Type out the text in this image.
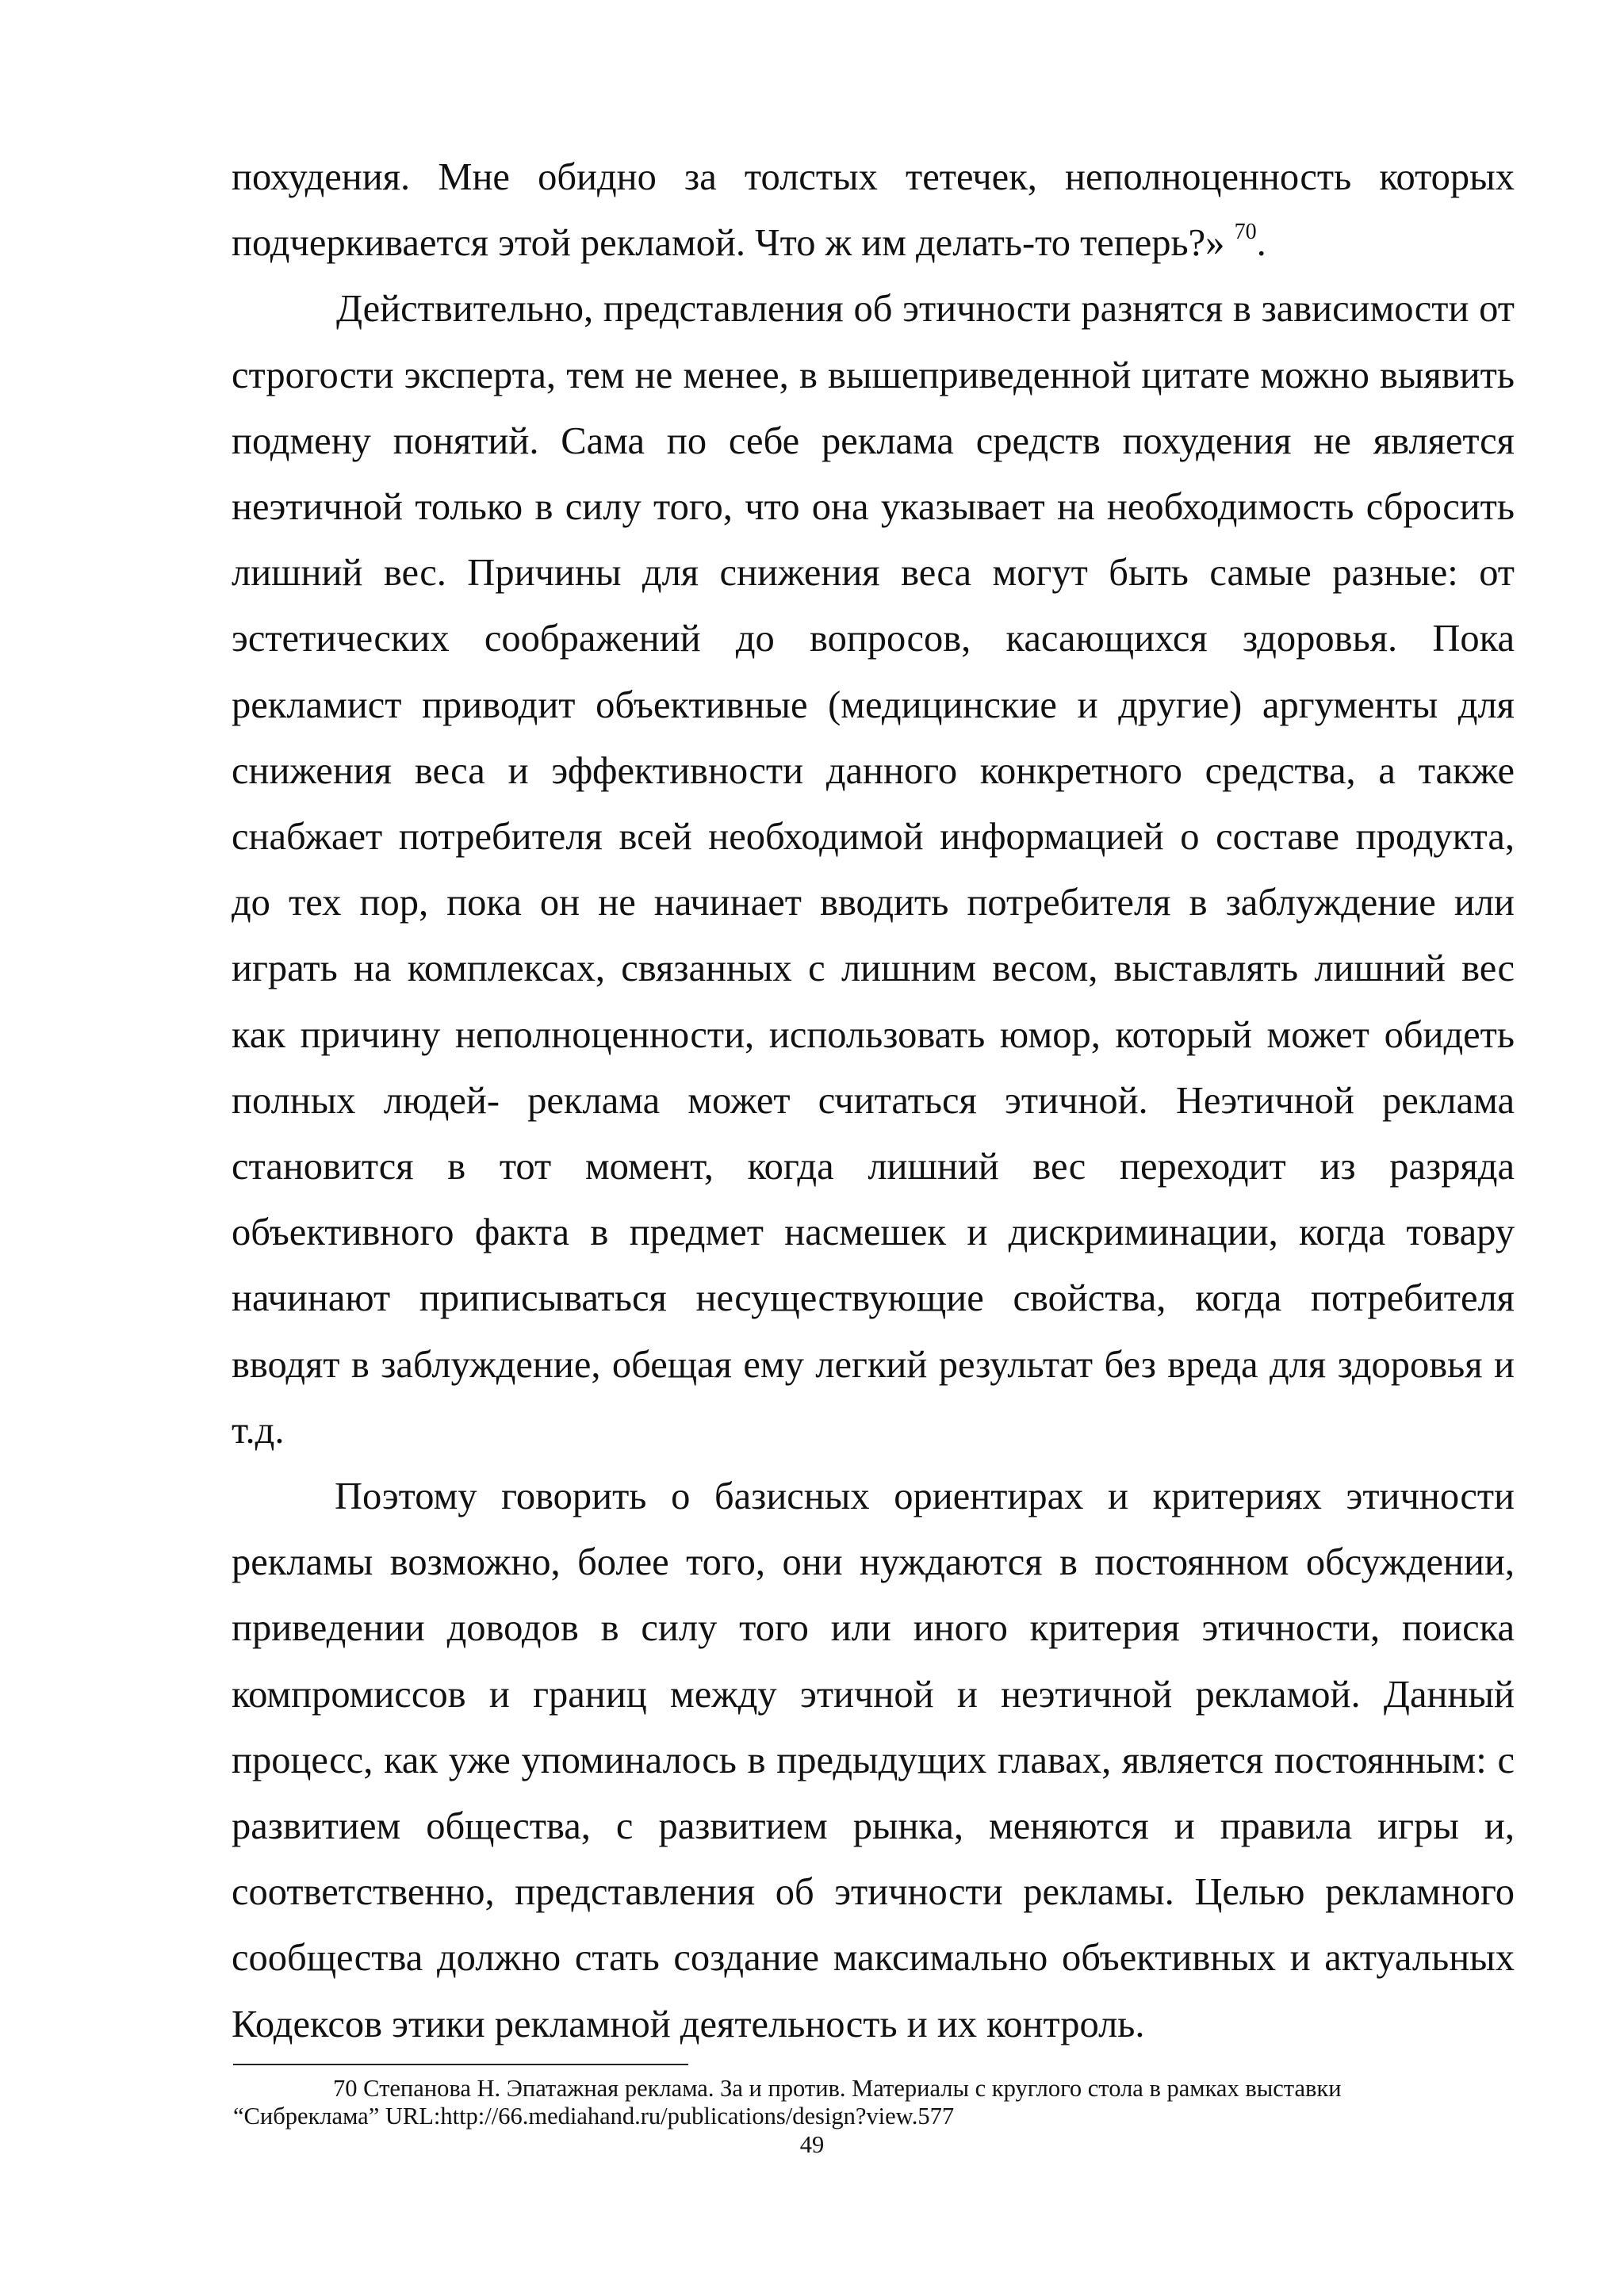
похудения. Мне обидно за толстых тетечек, неполноценность которых подчеркивается этой рекламой. Что ж им делать-то теперь?» $^{70}$.

Действительно, представления об этичности разнятся в зависимости от строгости эксперта, тем не менее, в вышеприведенной цитате можно выявить подмену понятий. Сама по себе реклама средств похудения не является неэтичной только в силу того, что она указывает на необходимость сбросить лишний вес. Причины для снижения веса могут быть самые разные: от эстетических соображений до вопросов, касающихся здоровья. Пока рекламист приводит объективные (медицинские и другие) аргументы для снижения веса и эффективности данного конкретного средства, а также снабжает потребителя всей необходимой информацией о составе продукта, до тех пор, пока он не начинает вводить потребителя в заблуждение или играть на комплексах, связанных с лишним весом, выставлять лишний вес как причину неполноценности, использовать юмор, который может обидеть полных людей- реклама может считаться этичной. Неэтичной реклама становится в тот момент, когда лишний вес переходит из разряда объективного факта в предмет насмешек и дискриминации, когда товару начинают приписываться несуществующие свойства, когда потребителя вводят в заблуждение, обещая ему легкий результат без вреда для здоровья и т.д.

Поэтому говорить о базисных ориентирах и критериях этичности рекламы возможно, более того, они нуждаются в постоянном обсуждении, приведении доводов в силу того или иного критерия этичности, поиска компромиссов и границ между этичной и неэтичной рекламой. Данный процесс, как уже упоминалось в предыдущих главах, является постоянным: с развитием общества, с развитием рынка, меняются и правила игры и, соответственно, представления об этичности рекламы. Целью рекламного сообщества должно стать создание максимально объективных и актуальных Кодексов этики рекламной деятельность и их контроль.

70 Степанова Н. Эпатажная реклама. За и против. Материалы с круглого стола в рамках выставки
“Сибреклама” URL:http://66.mediahand.ru/publications/design?view.577
49
